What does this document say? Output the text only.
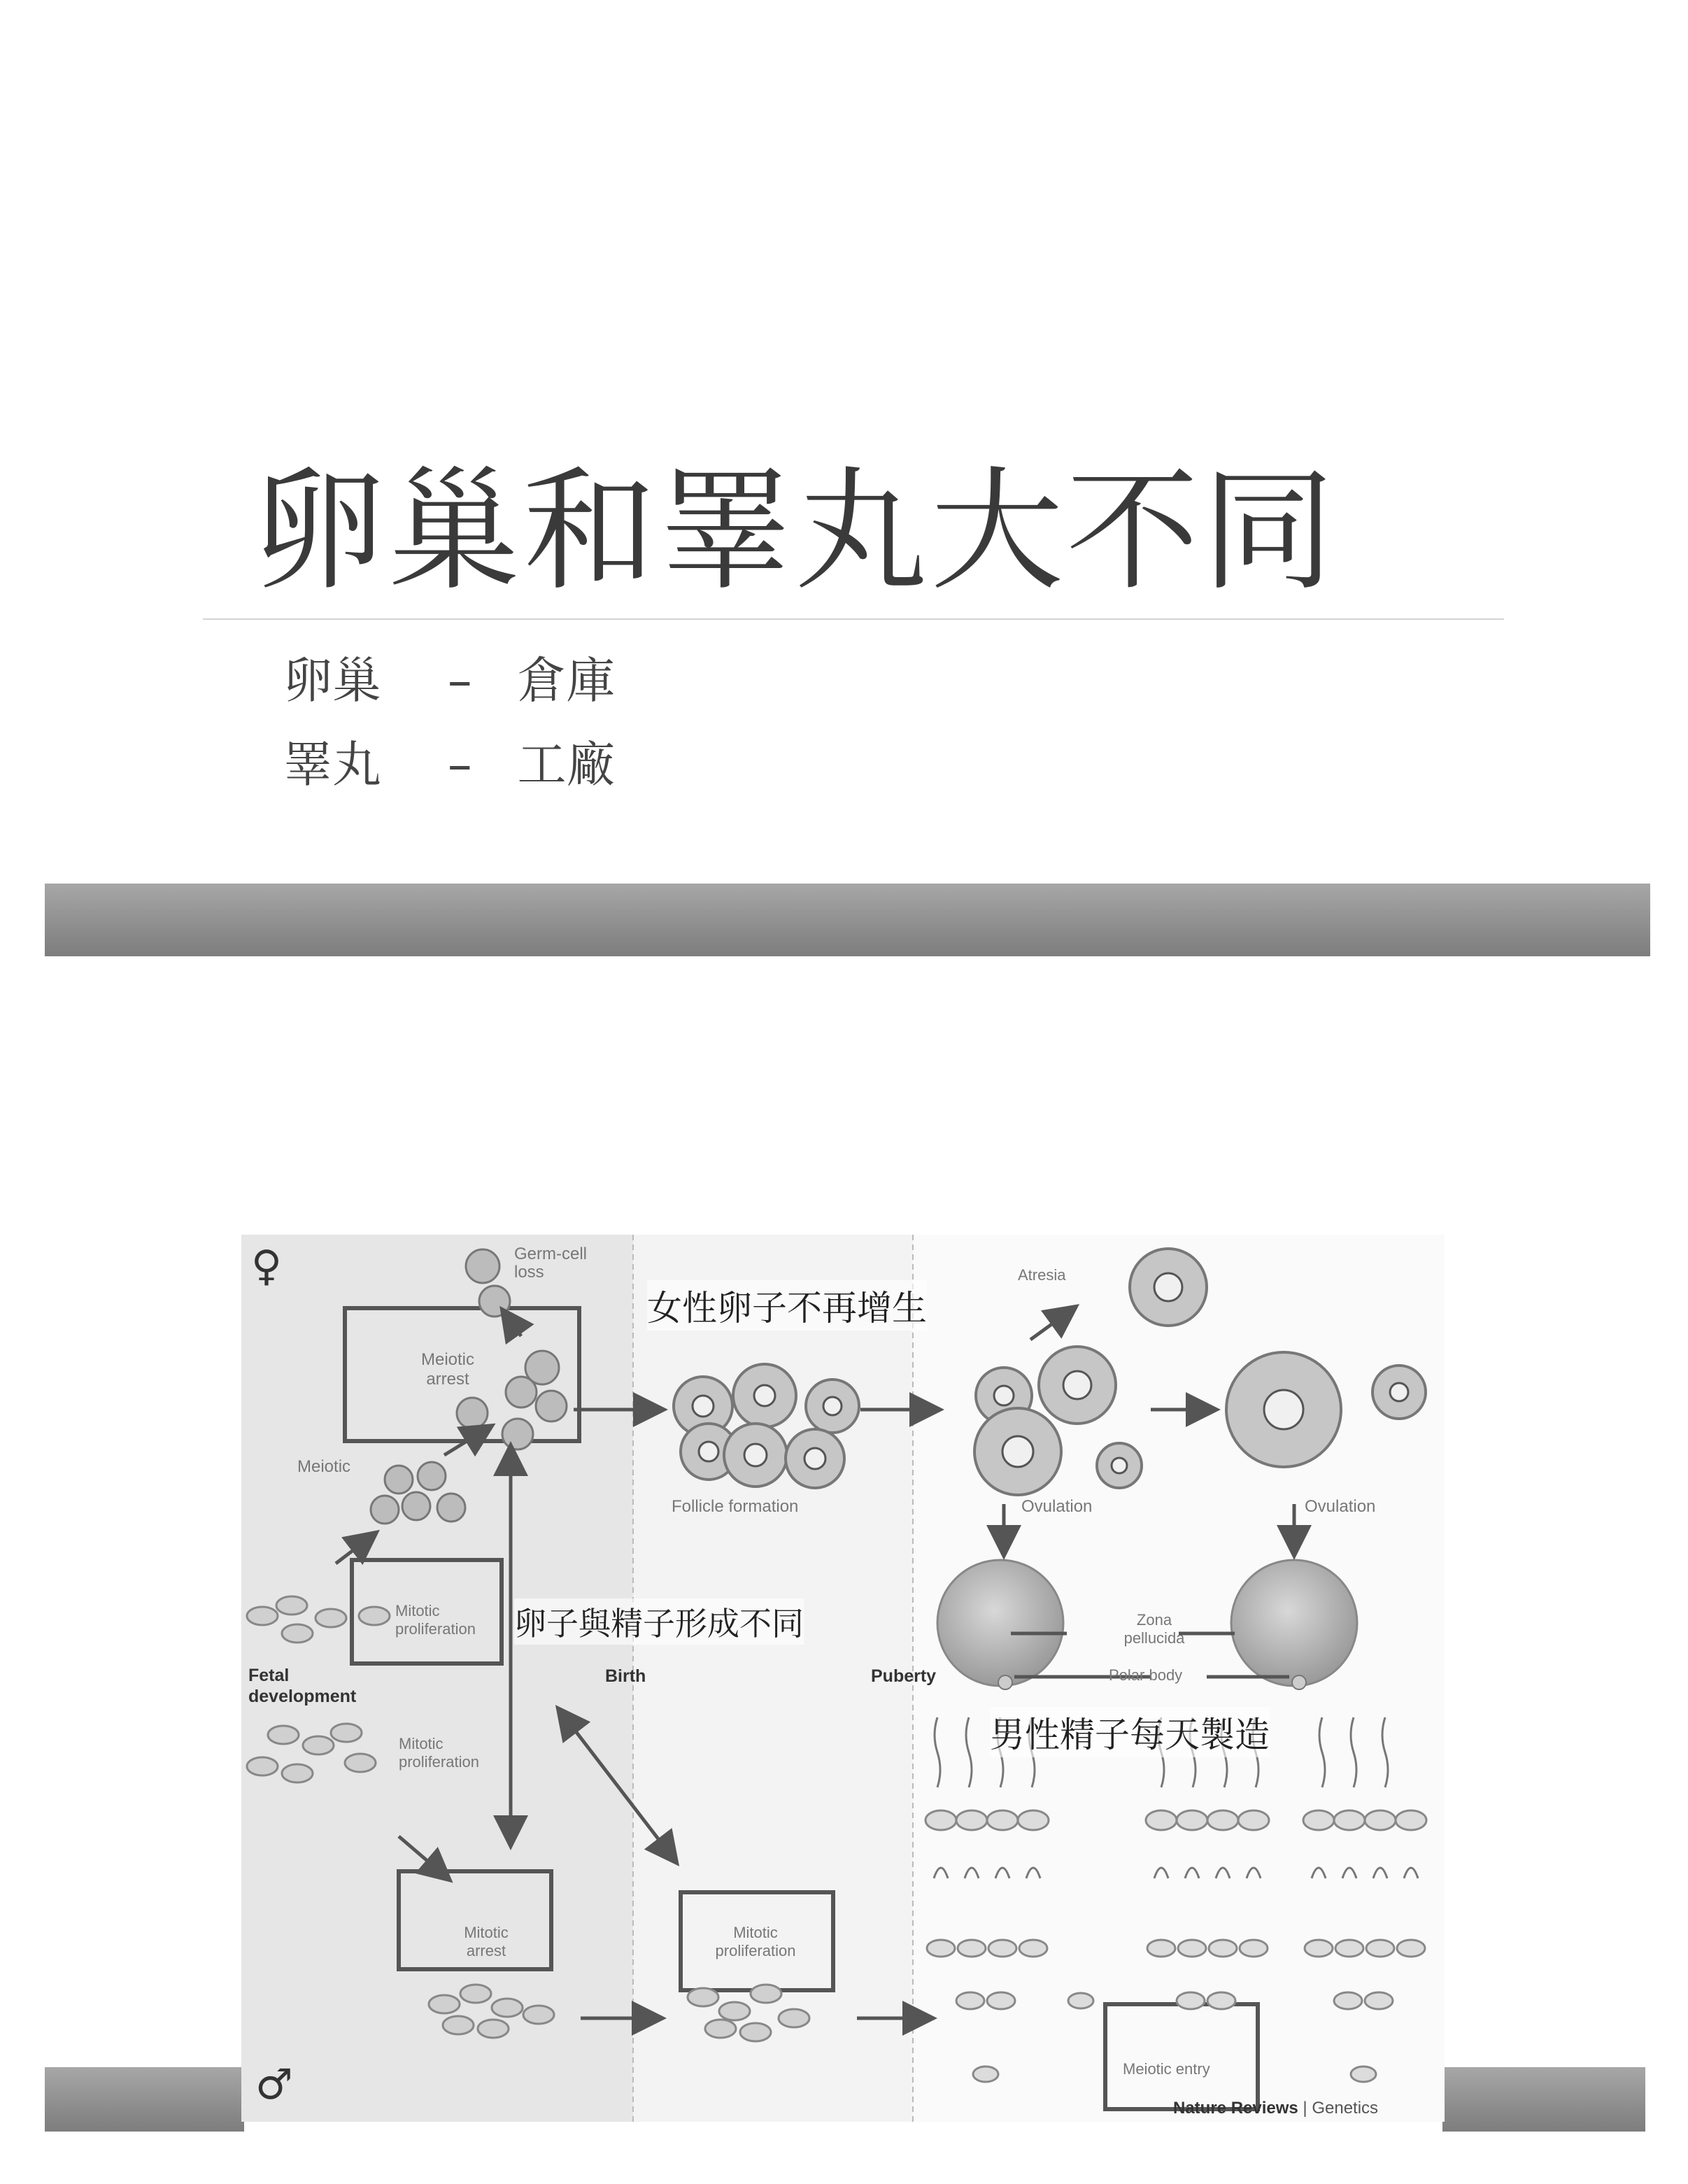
卵巢和睪丸大不同
卵巢 – 倉庫
睪丸 – 工廠
♀
♂
Germ-cell loss
Meiotic arrest
Meiotic
Mitotic proliferation
Mitotic proliferation
Mitotic arrest
Mitotic proliferation
Follicle formation
Atresia
Ovulation	Ovulation
Zona pellucida
Polar body
Meiotic entry
Fetal development
Birth	Puberty
Nature Reviews | Genetics
女性卵子不再增生
卵子與精子形成不同
男性精子每天製造
